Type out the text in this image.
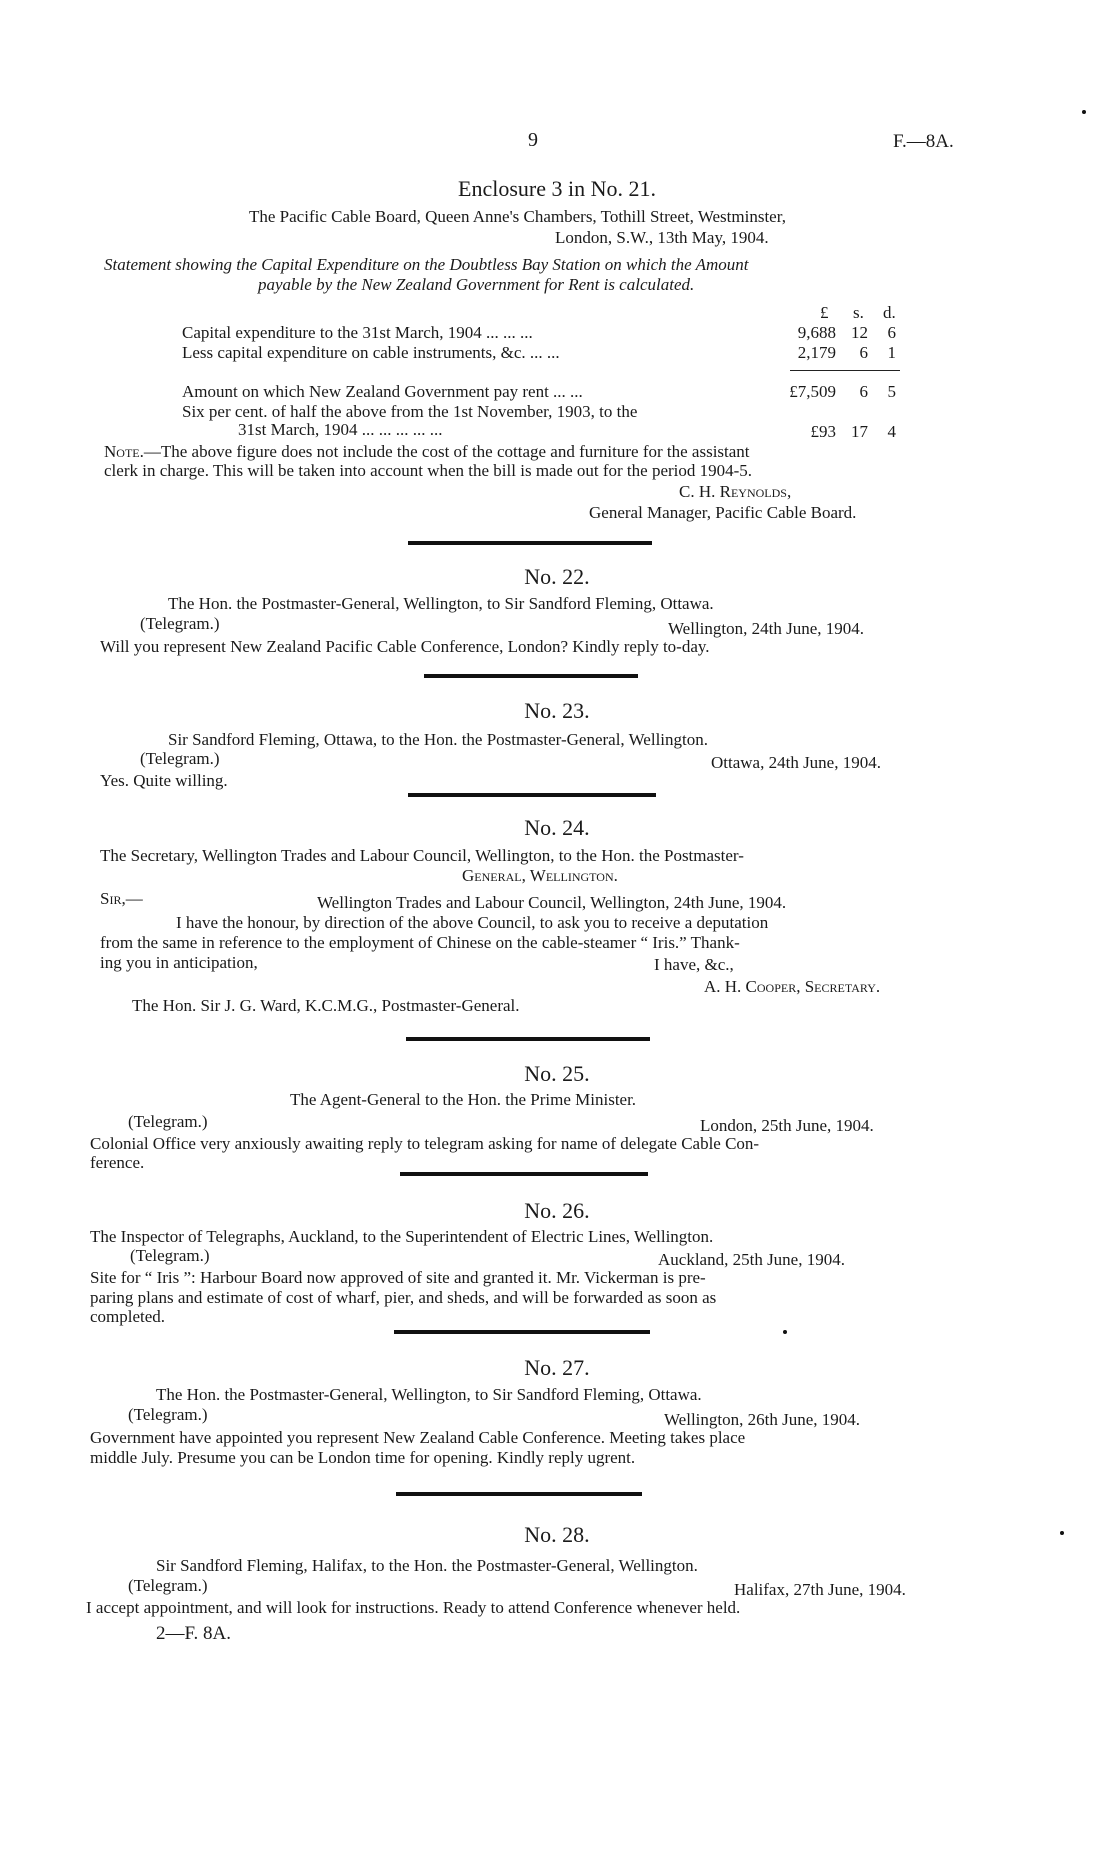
9	F.—8A.
Enclosure 3 in No. 21.
The Pacific Cable Board, Queen Anne's Chambers, Tothill Street, Westminster,
London, S.W., 13th May, 1904.
Statement showing the Capital Expenditure on the Doubtless Bay Station on which the Amount
payable by the New Zealand Government for Rent is calculated.
£ s. d.
Capital expenditure to the 31st March, 1904 ... ... ...	9,688 12	6
Less capital expenditure on cable instruments, &c. ... ...	2,179	6	1
Amount on which New Zealand Government pay rent ... ...	£7,509	6	5
Six per cent. of half the above from the 1st November, 1903, to the
31st March, 1904 ... ... ... ... ...	£93 17	4
Note.—The above figure does not include the cost of the cottage and furniture for the assistant
clerk in charge. This will be taken into account when the bill is made out for the period 1904-5.
C. H. Reynolds,
General Manager, Pacific Cable Board.
No. 22.
The Hon. the Postmaster-General, Wellington, to Sir Sandford Fleming, Ottawa.
(Telegram.)	Wellington, 24th June, 1904.
Will you represent New Zealand Pacific Cable Conference, London? Kindly reply to-day.
No. 23.
Sir Sandford Fleming, Ottawa, to the Hon. the Postmaster-General, Wellington.
(Telegram.)	Ottawa, 24th June, 1904.
Yes. Quite willing.
No. 24.
The Secretary, Wellington Trades and Labour Council, Wellington, to the Hon. the Postmaster-
General, Wellington.
Sir,—	Wellington Trades and Labour Council, Wellington, 24th June, 1904.
I have the honour, by direction of the above Council, to ask you to receive a deputation
from the same in reference to the employment of Chinese on the cable-steamer “ Iris.” Thank-
ing you in anticipation,	I have, &c.,
A. H. Cooper, Secretary.
The Hon. Sir J. G. Ward, K.C.M.G., Postmaster-General.
No. 25.
The Agent-General to the Hon. the Prime Minister.
(Telegram.)	London, 25th June, 1904.
Colonial Office very anxiously awaiting reply to telegram asking for name of delegate Cable Con-
ference.
No. 26.
The Inspector of Telegraphs, Auckland, to the Superintendent of Electric Lines, Wellington.
(Telegram.)	Auckland, 25th June, 1904.
Site for “ Iris ”: Harbour Board now approved of site and granted it. Mr. Vickerman is pre-
paring plans and estimate of cost of wharf, pier, and sheds, and will be forwarded as soon as
completed.
No. 27.
The Hon. the Postmaster-General, Wellington, to Sir Sandford Fleming, Ottawa.
(Telegram.)	Wellington, 26th June, 1904.
Government have appointed you represent New Zealand Cable Conference. Meeting takes place
middle July. Presume you can be London time for opening. Kindly reply ugrent.
No. 28.
Sir Sandford Fleming, Halifax, to the Hon. the Postmaster-General, Wellington.
(Telegram.)	Halifax, 27th June, 1904.
I accept appointment, and will look for instructions. Ready to attend Conference whenever held.
2—F. 8A.
